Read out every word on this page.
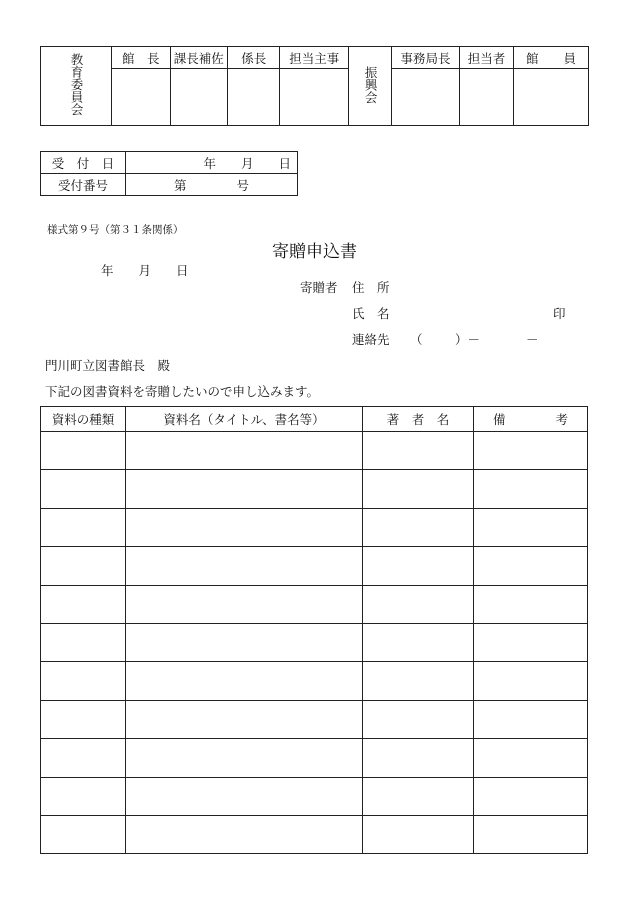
教育委員会	館　長	課長補佐	係長	担当主事	振興会	事務局長	担当者	館　　員

受　付　日	年　　月　　日
受付番号	第　　　　号
様式第９号（第３１条関係）
寄贈申込書
年　　月　　日
寄贈者 住　所
氏　名	印
連絡先 （	）－	－
門川町立図書館長　殿
下記の図書資料を寄贈したいので申し込みます。
資料の種類	資料名（タイトル、書名等）	著　者　名	備　　　　考
